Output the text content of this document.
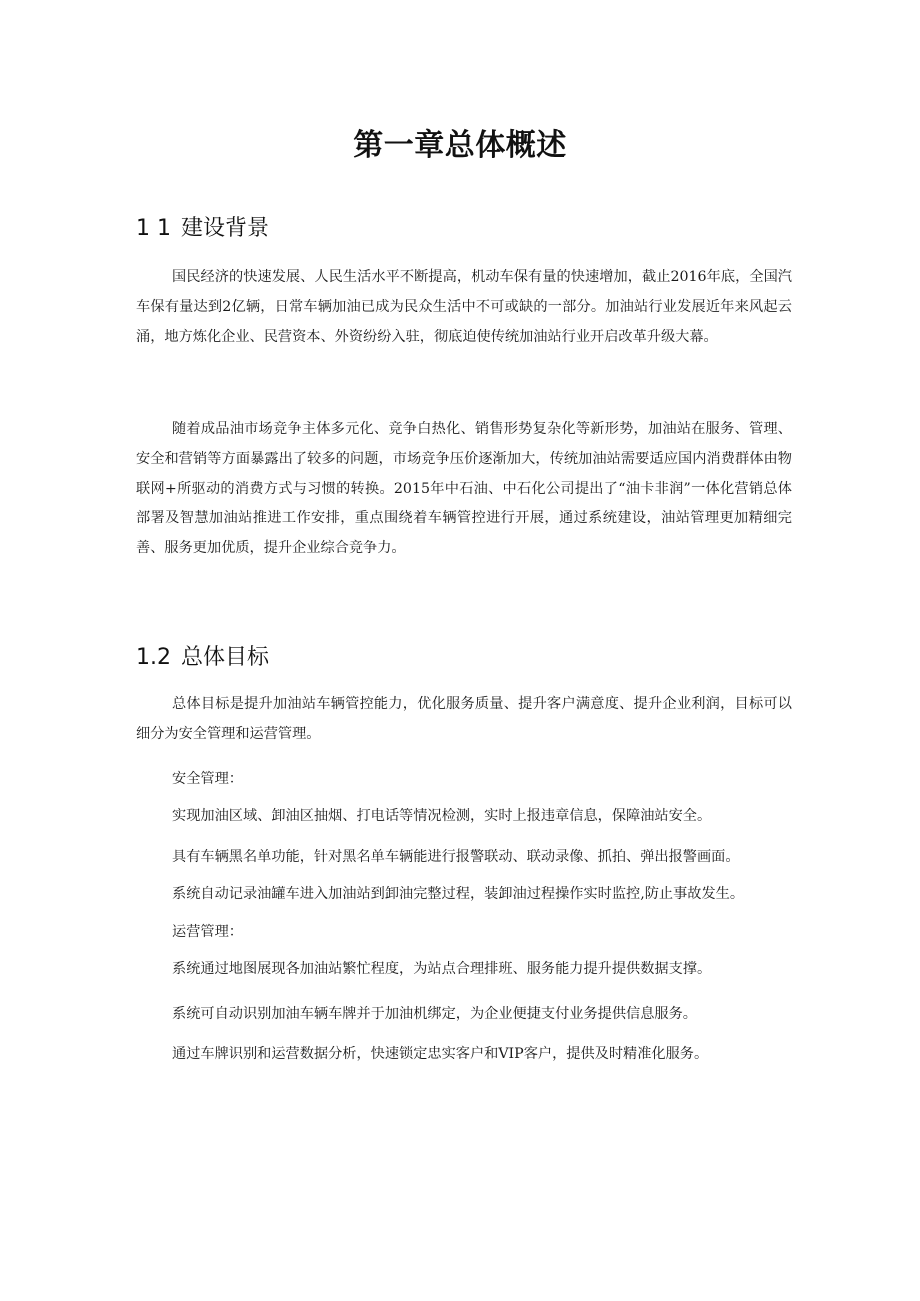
第一章总体概述
1 1 建设背景

国民经济的快速发展、人民生活水平不断提高，机动车保有量的快速增加，截止2016年底，全国汽车保有量达到2亿辆，日常车辆加油已成为民众生活中不可或缺的一部分。加油站行业发展近年来风起云涌，地方炼化企业、民营资本、外资纷纷入驻，彻底迫使传统加油站行业开启改革升级大幕。

随着成品油市场竞争主体多元化、竞争白热化、销售形势复杂化等新形势，加油站在服务、管理、安全和营销等方面暴露出了较多的问题，市场竞争压价逐渐加大，传统加油站需要适应国内消费群体由物联网+所驱动的消费方式与习惯的转换。2015年中石油、中石化公司提出了“油卡非润”一体化营销总体部署及智慧加油站推进工作安排，重点围绕着车辆管控进行开展，通过系统建设，油站管理更加精细完善、服务更加优质，提升企业综合竞争力。

1.2 总体目标

总体目标是提升加油站车辆管控能力，优化服务质量、提升客户满意度、提升企业利润，目标可以细分为安全管理和运营管理。

安全管理：

实现加油区域、卸油区抽烟、打电话等情况检测，实时上报违章信息，保障油站安全。

具有车辆黑名单功能，针对黑名单车辆能进行报警联动、联动录像、抓拍、弹出报警画面。

系统自动记录油罐车进入加油站到卸油完整过程，装卸油过程操作实时监控,防止事故发生。

运营管理：

系统通过地图展现各加油站繁忙程度，为站点合理排班、服务能力提升提供数据支撑。

系统可自动识别加油车辆车牌并于加油机绑定，为企业便捷支付业务提供信息服务。

通过车牌识别和运营数据分析，快速锁定忠实客户和VIP客户，提供及时精准化服务。
